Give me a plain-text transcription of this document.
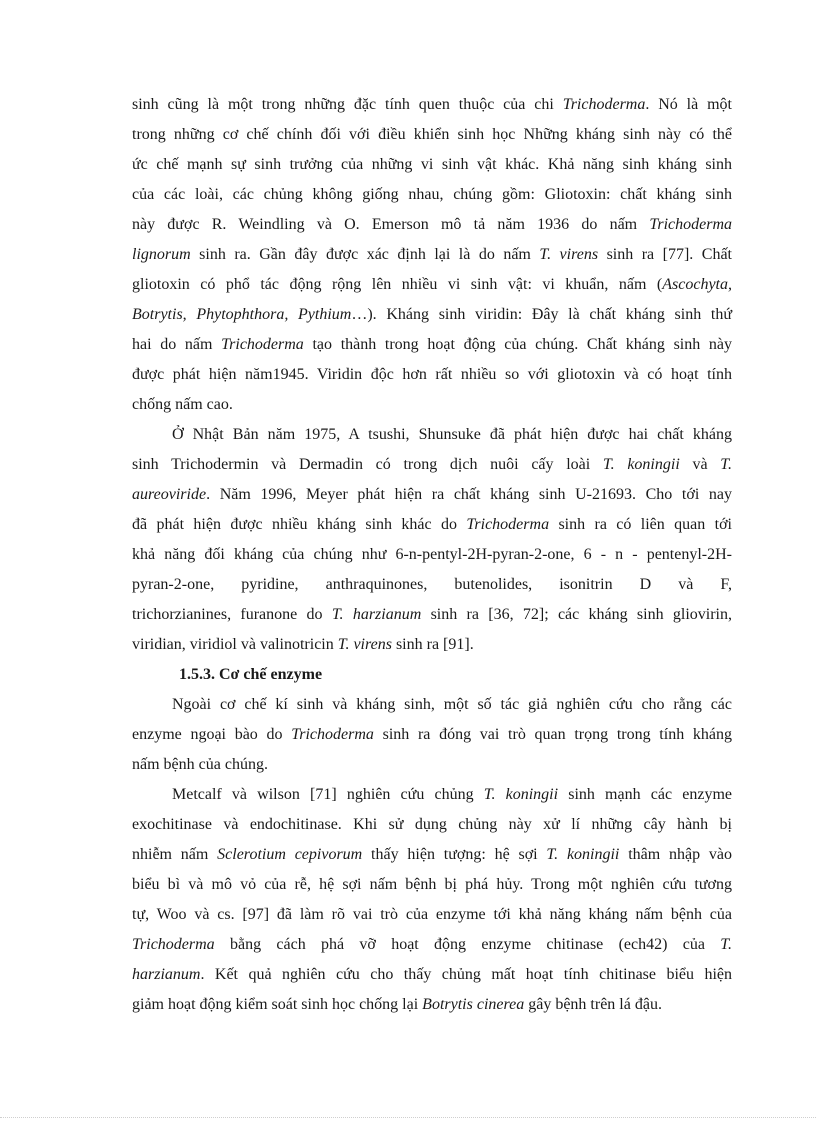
sinh cũng là một trong những đặc tính quen thuộc của chi Trichoderma. Nó là một
trong những cơ chế chính đối với điều khiển sinh học Những kháng sinh này có thể
ức chế mạnh sự sinh trưởng của những vi sinh vật khác. Khả năng sinh kháng sinh
của các loài, các chủng không giống nhau, chúng gồm: Gliotoxin: chất kháng sinh
này được R. Weindling và O. Emerson mô tả năm 1936 do nấm Trichoderma
lignorum sinh ra. Gần đây được xác định lại là do nấm T. virens sinh ra [77]. Chất
gliotoxin có phổ tác động rộng lên nhiều vi sinh vật: vi khuẩn, nấm (Ascochyta,
Botrytis, Phytophthora, Pythium…). Kháng sinh viridin: Đây là chất kháng sinh thứ
hai do nấm Trichoderma tạo thành trong hoạt động của chúng. Chất kháng sinh này
được phát hiện năm1945. Viridin độc hơn rất nhiều so với gliotoxin và có hoạt tính
chống nấm cao.
Ở Nhật Bản năm 1975, A tsushi, Shunsuke đã phát hiện được hai chất kháng
sinh Trichodermin và Dermadin có trong dịch nuôi cấy loài T. koningii và T.
aureoviride. Năm 1996, Meyer phát hiện ra chất kháng sinh U-21693. Cho tới nay
đã phát hiện được nhiều kháng sinh khác do Trichoderma sinh ra có liên quan tới
khả năng đối kháng của chúng như 6-n-pentyl-2H-pyran-2-one, 6 - n - pentenyl-2H-
pyran-2-one, pyridine, anthraquinones, butenolides, isonitrin D và F,
trichorzianines, furanone do T. harzianum sinh ra [36, 72]; các kháng sinh gliovirin,
viridian, viridiol và valinotricin T. virens sinh ra [91].
1.5.3. Cơ chế enzyme
Ngoài cơ chế kí sinh và kháng sinh, một số tác giả nghiên cứu cho rằng các
enzyme ngoại bào do Trichoderma sinh ra đóng vai trò quan trọng trong tính kháng
nấm bệnh của chúng.
Metcalf và wilson [71] nghiên cứu chủng T. koningii sinh mạnh các enzyme
exochitinase và endochitinase. Khi sử dụng chủng này xử lí những cây hành bị
nhiễm nấm Sclerotium cepivorum thấy hiện tượng: hệ sợi T. koningii thâm nhập vào
biểu bì và mô vỏ của rễ, hệ sợi nấm bệnh bị phá hủy. Trong một nghiên cứu tương
tự, Woo và cs. [97] đã làm rõ vai trò của enzyme tới khả năng kháng nấm bệnh của
Trichoderma bằng cách phá vỡ hoạt động enzyme chitinase (ech42) của T.
harzianum. Kết quả nghiên cứu cho thấy chủng mất hoạt tính chitinase biểu hiện
giảm hoạt động kiểm soát sinh học chống lại Botrytis cinerea gây bệnh trên lá đậu.
